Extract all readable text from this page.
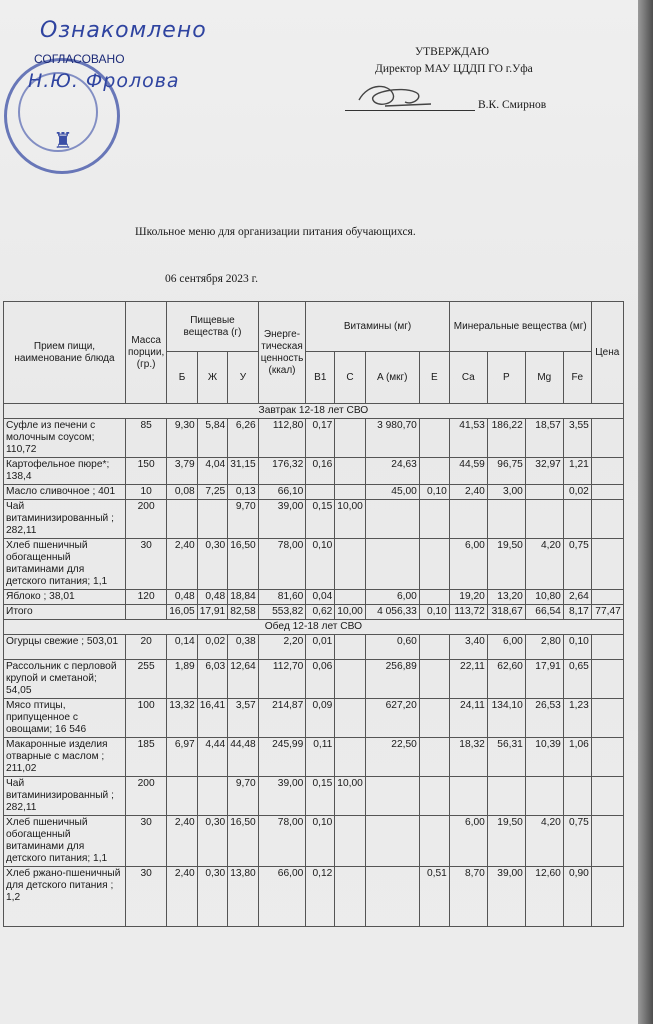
♜
Ознакомлено
СОГЛАСОВАНО
Н.Ю. Фролова
УТВЕРЖДАЮ
Директор МАУ ЦДДП ГО г.Уфа
В.К. Смирнов
Школьное меню для организации питания обучающихся.
06 сентября 2023 г.
Прием пищи, наименование блюда	Масса порции, (гр.)	Пищевые вещества (г)			Энерге-тическая ценность (ккал)	Витамины (мг)				Минеральные вещества (мг)				Цена
		Б	Ж	У		B1	C	A (мкг)	E	Ca	P	Mg	Fe	
Завтрак 12-18 лет СВО														
Суфле из печени с молочным соусом; 110,72	85	9,30	5,84	6,26	112,80	0,17		3 980,70		41,53	186,22	18,57	3,55	
Картофельное пюре*; 138,4	150	3,79	4,04	31,15	176,32	0,16		24,63		44,59	96,75	32,97	1,21	
Масло сливочное ; 401	10	0,08	7,25	0,13	66,10			45,00	0,10	2,40	3,00		0,02	
Чай витаминизированный ; 282,11	200			9,70	39,00	0,15	10,00							
Хлеб пшеничный обогащенный витаминами для детского питания; 1,1	30	2,40	0,30	16,50	78,00	0,10				6,00	19,50	4,20	0,75	
Яблоко ; 38,01	120	0,48	0,48	18,84	81,60	0,04		6,00		19,20	13,20	10,80	2,64	
Итого		16,05	17,91	82,58	553,82	0,62	10,00	4 056,33	0,10	113,72	318,67	66,54	8,17	77,47
Обед 12-18 лет СВО														
Огурцы свежие ; 503,01	20	0,14	0,02	0,38	2,20	0,01		0,60		3,40	6,00	2,80	0,10	
Рассольник с перловой крупой и сметаной; 54,05	255	1,89	6,03	12,64	112,70	0,06		256,89		22,11	62,60	17,91	0,65	
Мясо птицы, припущенное с овощами; 16 546	100	13,32	16,41	3,57	214,87	0,09		627,20		24,11	134,10	26,53	1,23	
Макаронные изделия отварные с маслом ; 211,02	185	6,97	4,44	44,48	245,99	0,11		22,50		18,32	56,31	10,39	1,06	
Чай витаминизированный ; 282,11	200			9,70	39,00	0,15	10,00							
Хлеб пшеничный обогащенный витаминами для детского питания; 1,1	30	2,40	0,30	16,50	78,00	0,10				6,00	19,50	4,20	0,75	
Хлеб ржано-пшеничный для детского питания ; 1,2	30	2,40	0,30	13,80	66,00	0,12			0,51	8,70	39,00	12,60	0,90	
